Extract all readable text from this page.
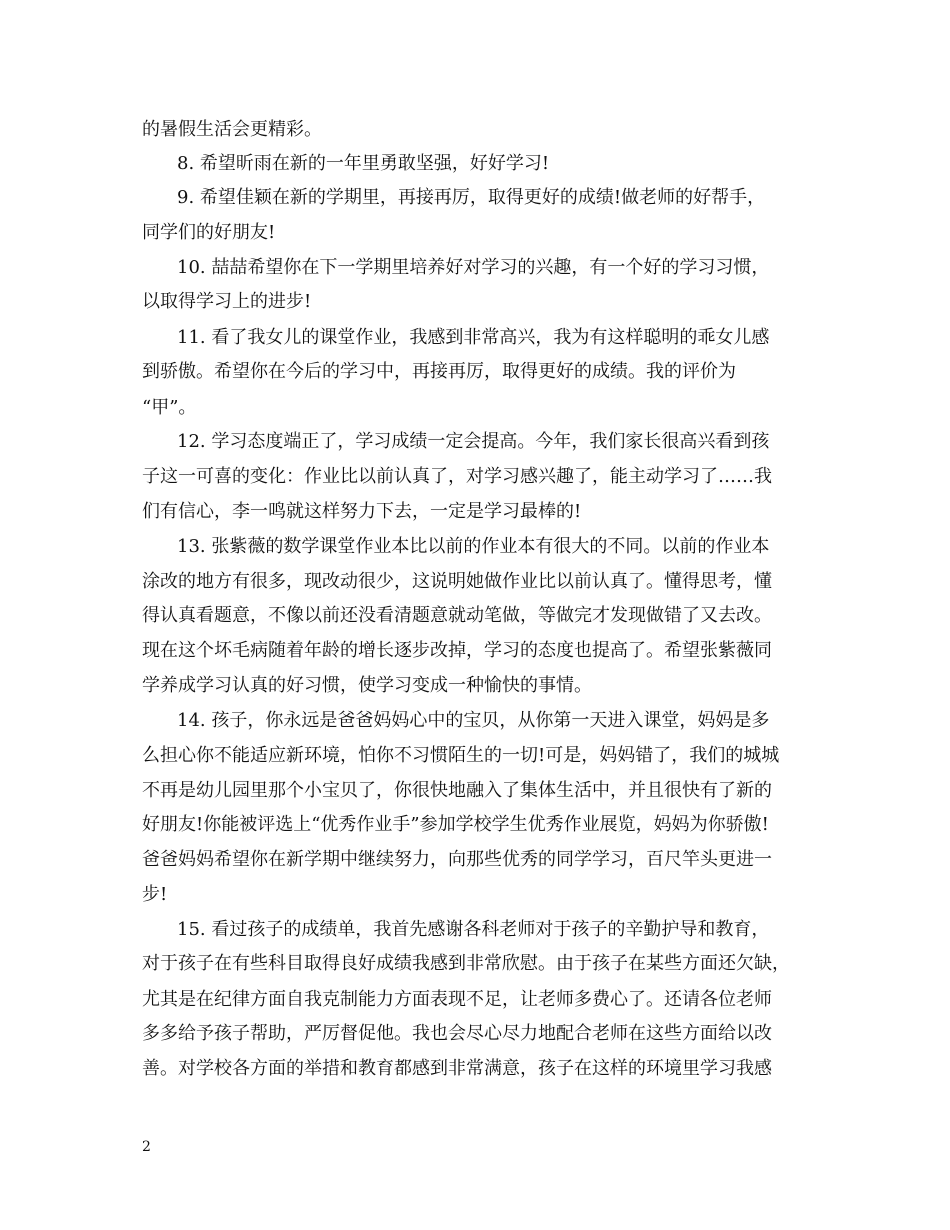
的暑假生活会更精彩。
8. 希望昕雨在新的一年里勇敢坚强，好好学习!
9. 希望佳颖在新的学期里，再接再厉，取得更好的成绩!做老师的好帮手，
同学们的好朋友!
10. 喆喆希望你在下一学期里培养好对学习的兴趣，有一个好的学习习惯，
以取得学习上的进步!
11. 看了我女儿的课堂作业，我感到非常高兴，我为有这样聪明的乖女儿感
到骄傲。希望你在今后的学习中，再接再厉，取得更好的成绩。我的评价为
“甲”。
12. 学习态度端正了，学习成绩一定会提高。今年，我们家长很高兴看到孩
子这一可喜的变化：作业比以前认真了，对学习感兴趣了，能主动学习了……我
们有信心，李一鸣就这样努力下去，一定是学习最棒的!
13. 张紫薇的数学课堂作业本比以前的作业本有很大的不同。以前的作业本
涂改的地方有很多，现改动很少，这说明她做作业比以前认真了。懂得思考，懂
得认真看题意，不像以前还没看清题意就动笔做，等做完才发现做错了又去改。
现在这个坏毛病随着年龄的增长逐步改掉，学习的态度也提高了。希望张紫薇同
学养成学习认真的好习惯，使学习变成一种愉快的事情。
14. 孩子，你永远是爸爸妈妈心中的宝贝，从你第一天进入课堂，妈妈是多
么担心你不能适应新环境，怕你不习惯陌生的一切!可是，妈妈错了，我们的城城
不再是幼儿园里那个小宝贝了，你很快地融入了集体生活中，并且很快有了新的
好朋友!你能被评选上“优秀作业手”参加学校学生优秀作业展览，妈妈为你骄傲!
爸爸妈妈希望你在新学期中继续努力，向那些优秀的同学学习，百尺竿头更进一
步!
15. 看过孩子的成绩单，我首先感谢各科老师对于孩子的辛勤护导和教育，
对于孩子在有些科目取得良好成绩我感到非常欣慰。由于孩子在某些方面还欠缺，
尤其是在纪律方面自我克制能力方面表现不足，让老师多费心了。还请各位老师
多多给予孩子帮助，严厉督促他。我也会尽心尽力地配合老师在这些方面给以改
善。对学校各方面的举措和教育都感到非常满意，孩子在这样的环境里学习我感
2
